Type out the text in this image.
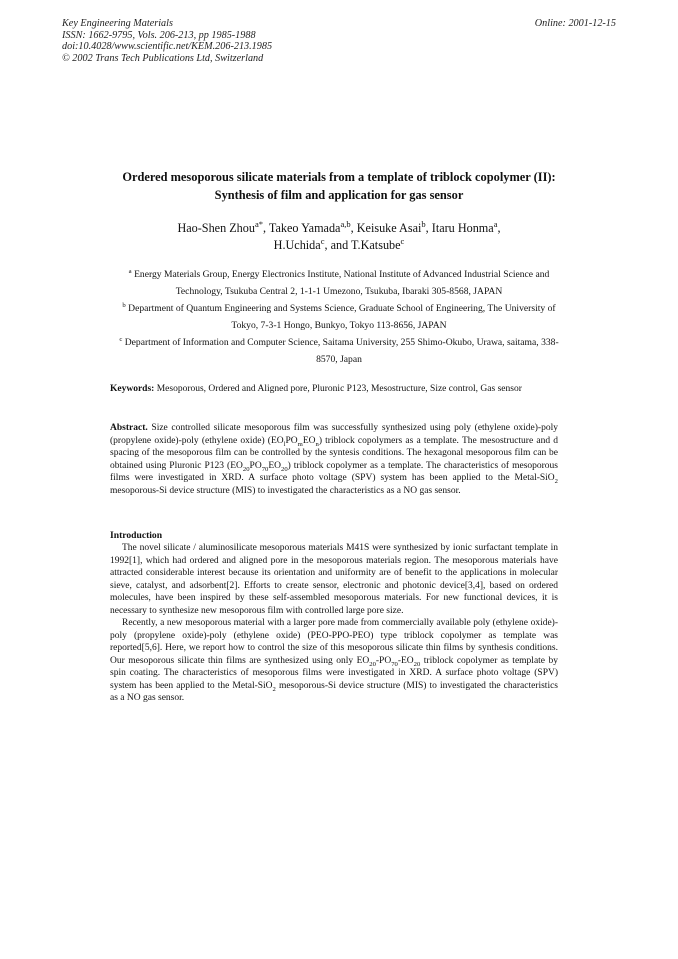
Key Engineering Materials
ISSN: 1662-9795, Vols. 206-213, pp 1985-1988
doi:10.4028/www.scientific.net/KEM.206-213.1985
© 2002 Trans Tech Publications Ltd, Switzerland
Online: 2001-12-15
Ordered mesoporous silicate materials from a template of triblock copolymer (II): Synthesis of film and application for gas sensor
Hao-Shen Zhou$^{a*}$, Takeo Yamada$^{a,b}$, Keisuke Asai$^b$, Itaru Honma$^a$,
H.Uchida$^c$, and T.Katsube$^c$

$^a$ Energy Materials Group, Energy Electronics Institute, National Institute of Advanced Industrial Science and Technology, Tsukuba Central 2, 1-1-1 Umezono, Tsukuba, Ibaraki 305-8568, JAPAN

$^b$ Department of Quantum Engineering and Systems Science, Graduate School of Engineering, The University of Tokyo, 7-3-1 Hongo, Bunkyo, Tokyo 113-8656, JAPAN

$^c$ Department of Information and Computer Science, Saitama University, 255 Shimo-Okubo, Urawa, saitama, 338-8570, Japan

Keywords: Mesoporous, Ordered and Aligned pore, Pluronic P123, Mesostructure, Size control, Gas sensor
Abstract. Size controlled silicate mesoporous film was successfully synthesized using poly (ethylene oxide)-poly (propylene oxide)-poly (ethylene oxide) $(EO_lPO_mEO_n)$ triblock copolymers as a template. The mesostructure and d spacing of the mesoporous film can be controlled by the syntesis conditions. The hexagonal mesoporous film can be obtained using Pluronic P123 $(EO_{20}PO_{70}EO_{20})$ triblock copolymer as a template. The characteristics of mesoporous films were investigated in XRD. A surface photo voltage (SPV) system has been applied to the Metal-SiO$_2$ mesoporous-Si device structure (MIS) to investigated the characteristics as a NO gas sensor.
Introduction

The novel silicate / aluminosilicate mesoporous materials M41S were synthesized by ionic surfactant template in 1992[1], which had ordered and aligned pore in the mesoporous materials region. The mesoporous materials have attracted considerable interest because its orientation and uniformity are of benefit to the applications in molecular sieve, catalyst, and adsorbent[2]. Efforts to create sensor, electronic and photonic device[3,4], based on ordered molecules, have been inspired by these self-assembled mesoporous materials. For new functional devices, it is necessary to synthesize new mesoporous film with controlled large pore size.

Recently, a new mesoporous material with a larger pore made from commercially available poly (ethylene oxide)-poly (propylene oxide)-poly (ethylene oxide) (PEO-PPO-PEO) type triblock copolymer as template was reported[5,6]. Here, we report how to control the size of this mesoporous silicate thin films by synthesis conditions. Our mesoporous silicate thin films are synthesized using only $EO_{20}-PO_{70}-EO_{20}$ triblock copolymer as template by spin coating. The characteristics of mesoporous films were investigated in XRD. A surface photo voltage (SPV) system has been applied to the Metal-SiO$_2$ mesoporous-Si device structure (MIS) to investigated the characteristics as a NO gas sensor.
